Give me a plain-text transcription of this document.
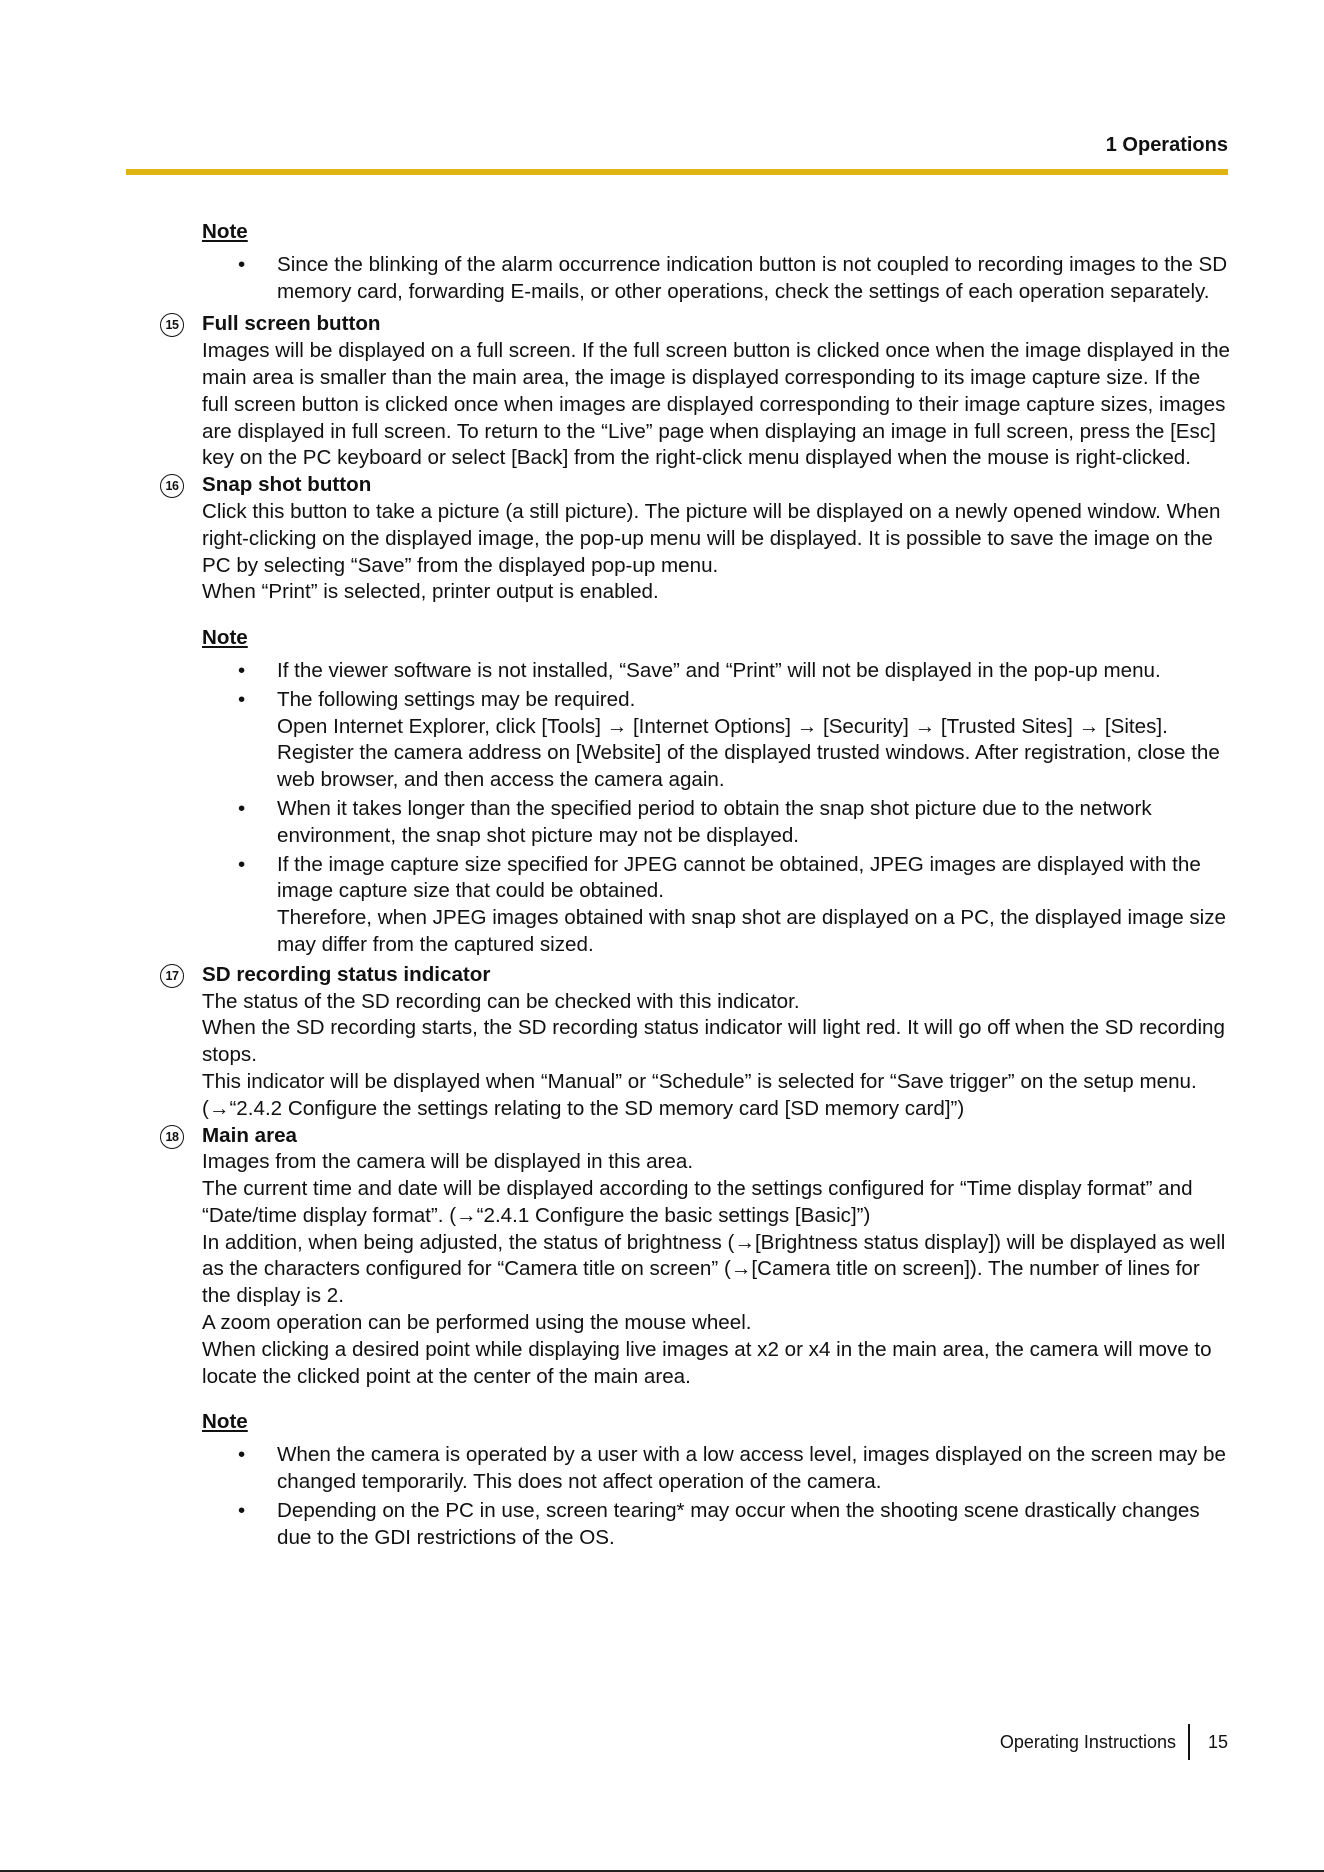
1 Operations

Note

• Since the blinking of the alarm occurrence indication button is not coupled to recording images to the SD memory card, forwarding E-mails, or other operations, check the settings of each operation separately.
15 Full screen button

Images will be displayed on a full screen. If the full screen button is clicked once when the image displayed in the main area is smaller than the main area, the image is displayed corresponding to its image capture size. If the full screen button is clicked once when images are displayed corresponding to their image capture sizes, images are displayed in full screen. To return to the “Live” page when displaying an image in full screen, press the [Esc] key on the PC keyboard or select [Back] from the right-click menu displayed when the mouse is right-clicked.

16 Snap shot button

Click this button to take a picture (a still picture). The picture will be displayed on a newly opened window. When right-clicking on the displayed image, the pop-up menu will be displayed. It is possible to save the image on the PC by selecting “Save” from the displayed pop-up menu.

When “Print” is selected, printer output is enabled.

Note

• If the viewer software is not installed, “Save” and “Print” will not be displayed in the pop-up menu.
• The following settings may be required.
Open Internet Explorer, click [Tools] → [Internet Options] → [Security] → [Trusted Sites] → [Sites]. Register the camera address on [Website] of the displayed trusted windows. After registration, close the web browser, and then access the camera again.
• When it takes longer than the specified period to obtain the snap shot picture due to the network environment, the snap shot picture may not be displayed.
• If the image capture size specified for JPEG cannot be obtained, JPEG images are displayed with the image capture size that could be obtained.
Therefore, when JPEG images obtained with snap shot are displayed on a PC, the displayed image size may differ from the captured sized.
17 SD recording status indicator

The status of the SD recording can be checked with this indicator.

When the SD recording starts, the SD recording status indicator will light red. It will go off when the SD recording stops.

This indicator will be displayed when “Manual” or “Schedule” is selected for “Save trigger” on the setup menu. (→“2.4.2 Configure the settings relating to the SD memory card [SD memory card]”)

18 Main area

Images from the camera will be displayed in this area.

The current time and date will be displayed according to the settings configured for “Time display format” and “Date/time display format”. (→“2.4.1 Configure the basic settings [Basic]”)

In addition, when being adjusted, the status of brightness (→[Brightness status display]) will be displayed as well as the characters configured for “Camera title on screen” (→[Camera title on screen]). The number of lines for the display is 2.

A zoom operation can be performed using the mouse wheel.

When clicking a desired point while displaying live images at x2 or x4 in the main area, the camera will move to locate the clicked point at the center of the main area.

Note

• When the camera is operated by a user with a low access level, images displayed on the screen may be changed temporarily. This does not affect operation of the camera.
• Depending on the PC in use, screen tearing* may occur when the shooting scene drastically changes due to the GDI restrictions of the OS.
Operating Instructions	15
